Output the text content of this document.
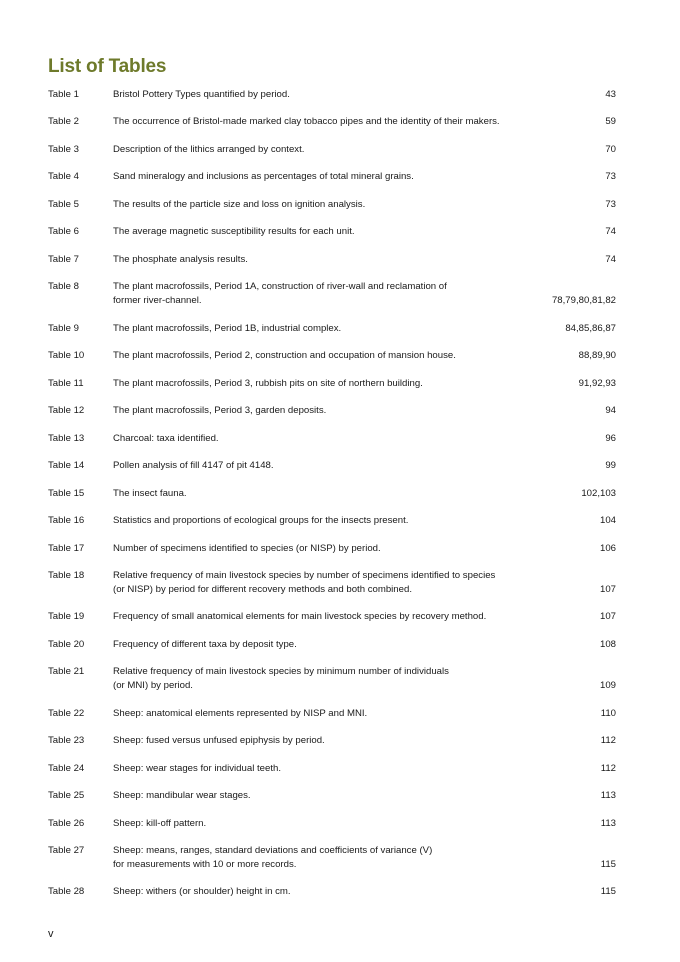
List of Tables
Table 1	Bristol Pottery Types quantified by period.	43
Table 2	The occurrence of Bristol-made marked clay tobacco pipes and the identity of their makers.	59
Table 3	Description of the lithics arranged by context.	70
Table 4	Sand mineralogy and inclusions as percentages of total mineral grains.	73
Table 5	The results of the particle size and loss on ignition analysis.	73
Table 6	The average magnetic susceptibility results for each unit.	74
Table 7	The phosphate analysis results.	74
Table 8	The plant macrofossils, Period 1A, construction of river-wall and reclamation of
former river-channel.	78,79,80,81,82
Table 9	The plant macrofossils, Period 1B, industrial complex.	84,85,86,87
Table 10	The plant macrofossils, Period 2, construction and occupation of mansion house.	88,89,90
Table 11	The plant macrofossils, Period 3, rubbish pits on site of northern building.	91,92,93
Table 12	The plant macrofossils, Period 3, garden deposits.	94
Table 13	Charcoal: taxa identified.	96
Table 14	Pollen analysis of fill 4147 of pit 4148.	99
Table 15	The insect fauna.	102,103
Table 16	Statistics and proportions of ecological groups for the insects present.	104
Table 17	Number of specimens identified to species (or NISP) by period.	106
Table 18	Relative frequency of main livestock species by number of specimens identified to species
(or NISP) by period for different recovery methods and both combined.	107
Table 19	Frequency of small anatomical elements for main livestock species by recovery method.	107
Table 20	Frequency of different taxa by deposit type.	108
Table 21	Relative frequency of main livestock species by minimum number of individuals
(or MNI) by period.	109
Table 22	Sheep: anatomical elements represented by NISP and MNI.	110
Table 23	Sheep: fused versus unfused epiphysis by period.	112
Table 24	Sheep: wear stages for individual teeth.	112
Table 25	Sheep: mandibular wear stages.	113
Table 26	Sheep: kill-off pattern.	113
Table 27	Sheep: means, ranges, standard deviations and coefficients of variance (V)
for measurements with 10 or more records.	115
Table 28	Sheep: withers (or shoulder) height in cm.	115
v
